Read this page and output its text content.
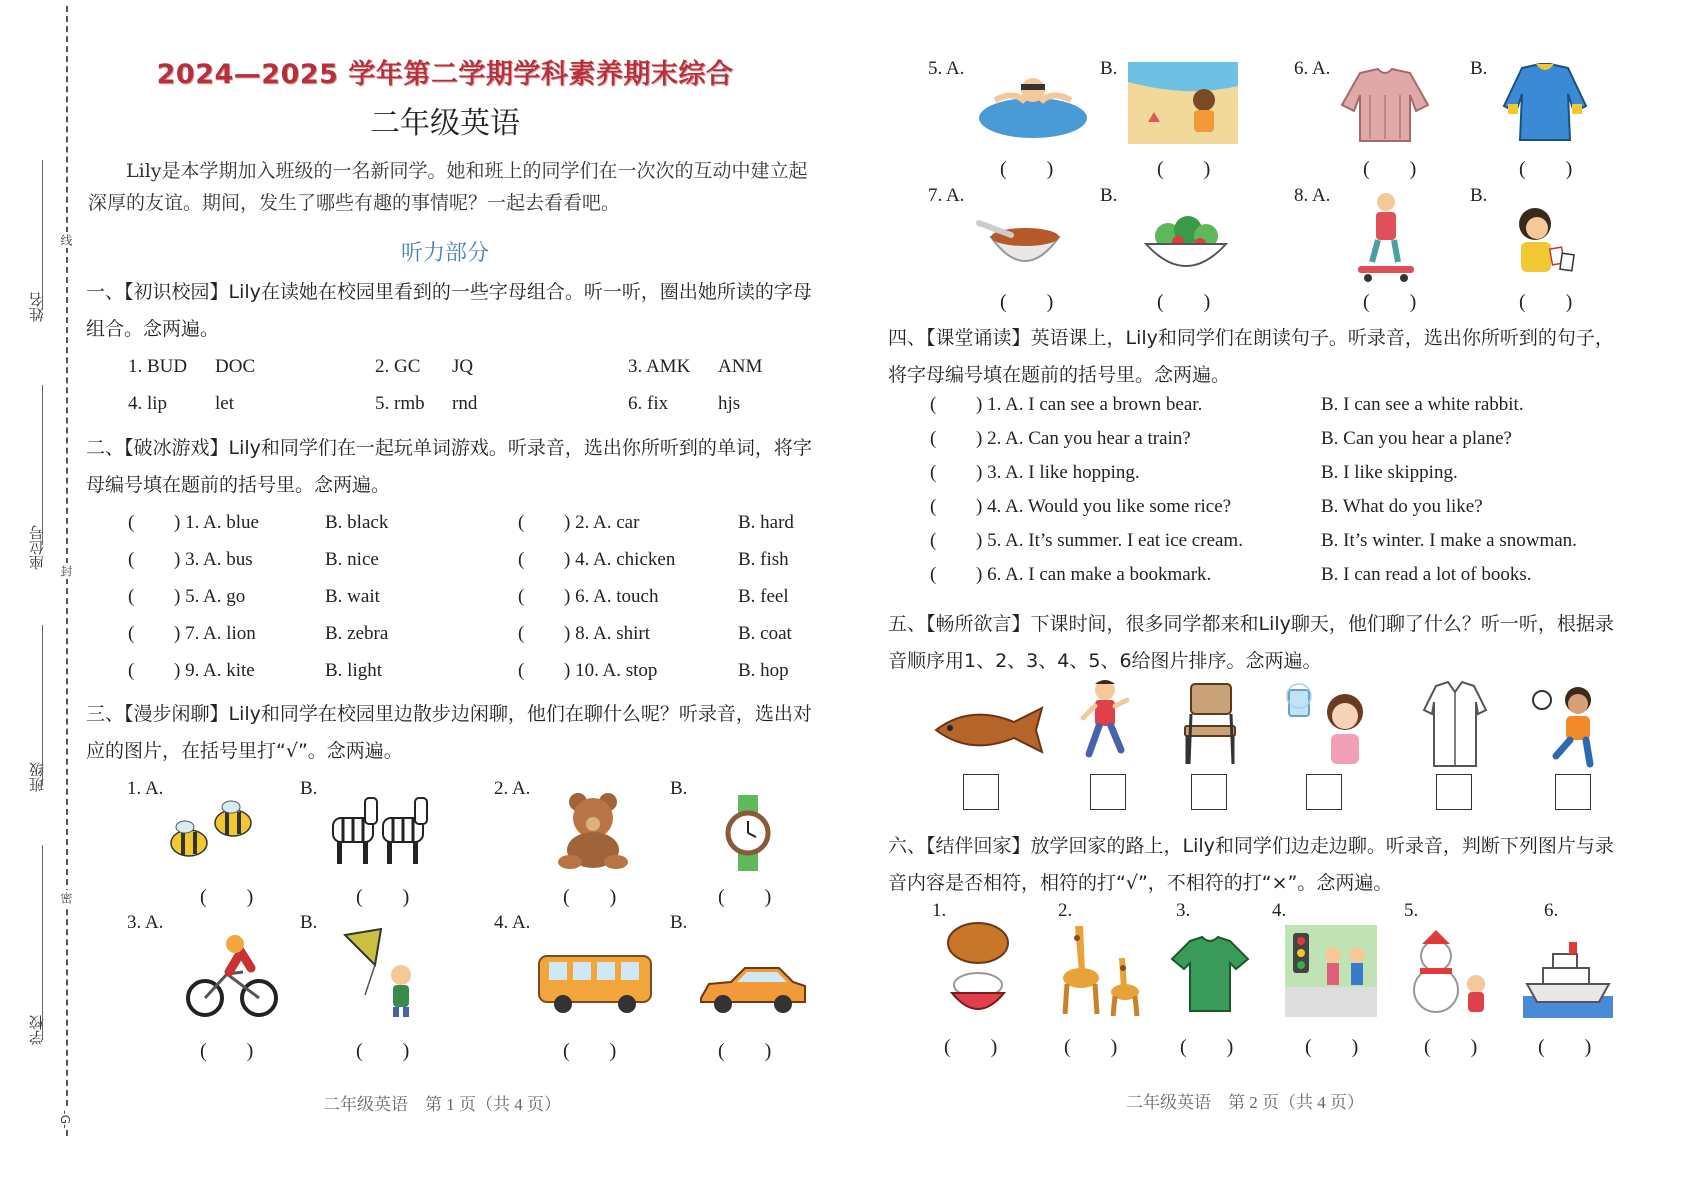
姓名
座位号
班级
学校
线
封
密
-G-
2024—2025 学年第二学期学科素养期末综合
二年级英语
Lily是本学期加入班级的一名新同学。她和班上的同学们在一次次的互动中建立起深厚的友谊。期间，发生了哪些有趣的事情呢？一起去看看吧。
听力部分
一、【初识校园】Lily在读她在校园里看到的一些字母组合。听一听，圈出她所读的字母组合。念两遍。
1. BUD DOC	2. GC JQ	3. AMK ANM
4. lip	let	5. rmb rnd	6. fix	hjs
二、【破冰游戏】Lily和同学们在一起玩单词游戏。听录音，选出你所听到的单词，将字母编号填在题前的括号里。念两遍。
( ) 1. A. blue	B. black	( ) 2. A. car	B. hard
( ) 3. A. bus	B. nice	( ) 4. A. chicken	B. fish
( ) 5. A. go	B. wait	( ) 6. A. touch	B. feel
( ) 7. A. lion	B. zebra	( ) 8. A. shirt	B. coat
( ) 9. A. kite	B. light	( ) 10. A. stop	B. hop
三、【漫步闲聊】Lily和同学在校园里边散步边闲聊，他们在聊什么呢？听录音，选出对应的图片，在括号里打“√”。念两遍。
1. A.	B.	2. A.	B.
(　　)	(　　)	(　　)	(　　)
3. A.	B.	4. A.	B.
(　　)	(　　)	(　　)	(　　)
二年级英语　第 1 页（共 4 页）
5. A.	B.	6. A.	B.
(　　)	(　　)	(　　)	(　　)
7. A.	B.	8. A.	B.
(　　)	(　　)	(　　)	(　　)
四、【课堂诵读】英语课上，Lily和同学们在朗读句子。听录音，选出你所听到的句子，将字母编号填在题前的括号里。念两遍。
( ) 1. A. I can see a brown bear.	B. I can see a white rabbit.
( ) 2. A. Can you hear a train?	B. Can you hear a plane?
( ) 3. A. I like hopping.	B. I like skipping.
( ) 4. A. Would you like some rice?	B. What do you like?
( ) 5. A. It’s summer. I eat ice cream.	B. It’s winter. I make a snowman.
( ) 6. A. I can make a bookmark.	B. I can read a lot of books.
五、【畅所欲言】下课时间，很多同学都来和Lily聊天，他们聊了什么？听一听，根据录音顺序用1、2、3、4、5、6给图片排序。念两遍。
六、【结伴回家】放学回家的路上，Lily和同学们边走边聊。听录音，判断下列图片与录音内容是否相符，相符的打“√”，不相符的打“×”。念两遍。
1.	2.	3.	4.	5.	6.
(　　)	(　　)	(　　)	(　　)	(　　)	(　　)
二年级英语　第 2 页（共 4 页）
